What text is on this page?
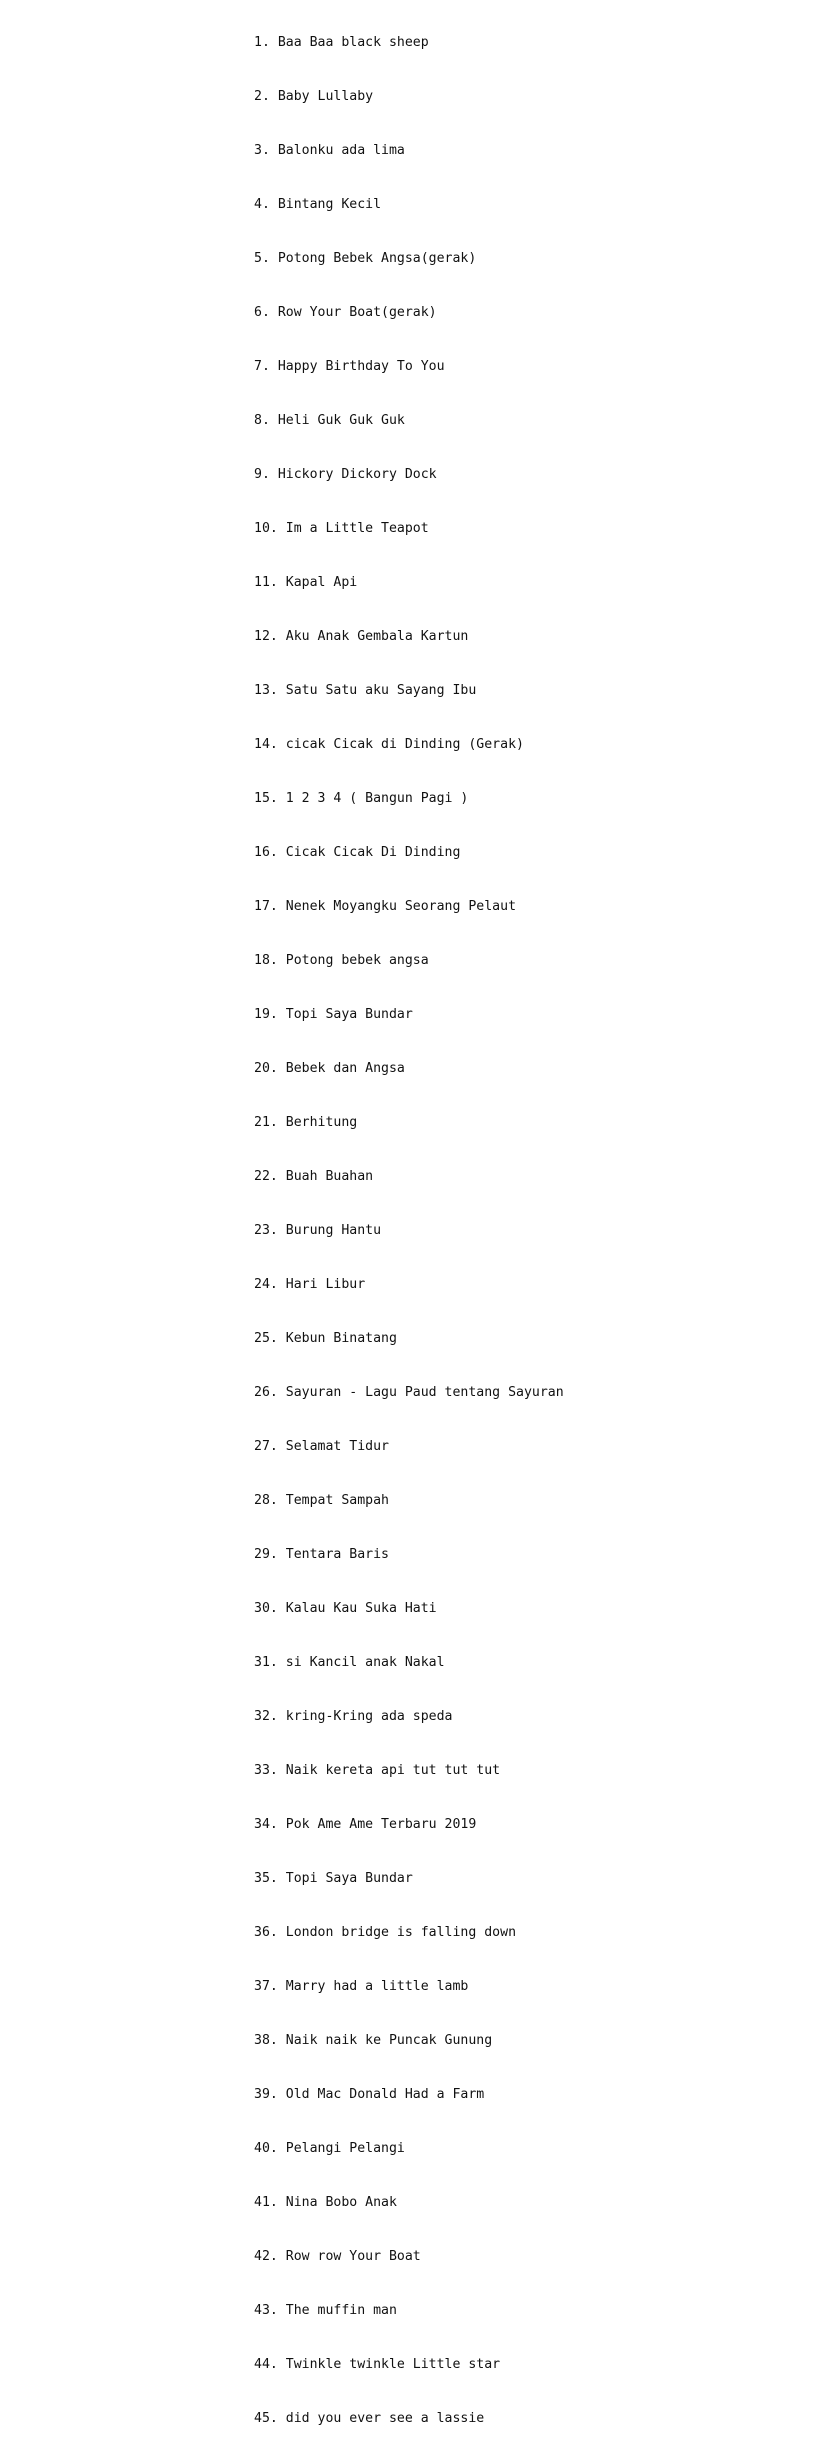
1. Baa Baa black sheep

2. Baby Lullaby

3. Balonku ada lima

4. Bintang Kecil

5. Potong Bebek Angsa(gerak)

6. Row Your Boat(gerak)

7. Happy Birthday To You

8. Heli Guk Guk Guk

9. Hickory Dickory Dock

10. Im a Little Teapot

11. Kapal Api

12. Aku Anak Gembala Kartun

13. Satu Satu aku Sayang Ibu

14. cicak Cicak di Dinding (Gerak)

15. 1 2 3 4 ( Bangun Pagi )

16. Cicak Cicak Di Dinding

17. Nenek Moyangku Seorang Pelaut

18. Potong bebek angsa

19. Topi Saya Bundar

20. Bebek dan Angsa

21. Berhitung

22. Buah Buahan

23. Burung Hantu

24. Hari Libur

25. Kebun Binatang

26. Sayuran - Lagu Paud tentang Sayuran

27. Selamat Tidur

28. Tempat Sampah

29. Tentara Baris

30. Kalau Kau Suka Hati

31. si Kancil anak Nakal

32. kring-Kring ada speda

33. Naik kereta api tut tut tut

34. Pok Ame Ame Terbaru 2019

35. Topi Saya Bundar

36. London bridge is falling down

37. Marry had a little lamb

38. Naik naik ke Puncak Gunung

39. Old Mac Donald Had a Farm

40. Pelangi Pelangi

41. Nina Bobo Anak

42. Row row Your Boat

43. The muffin man

44. Twinkle twinkle Little star

45. did you ever see a lassie
